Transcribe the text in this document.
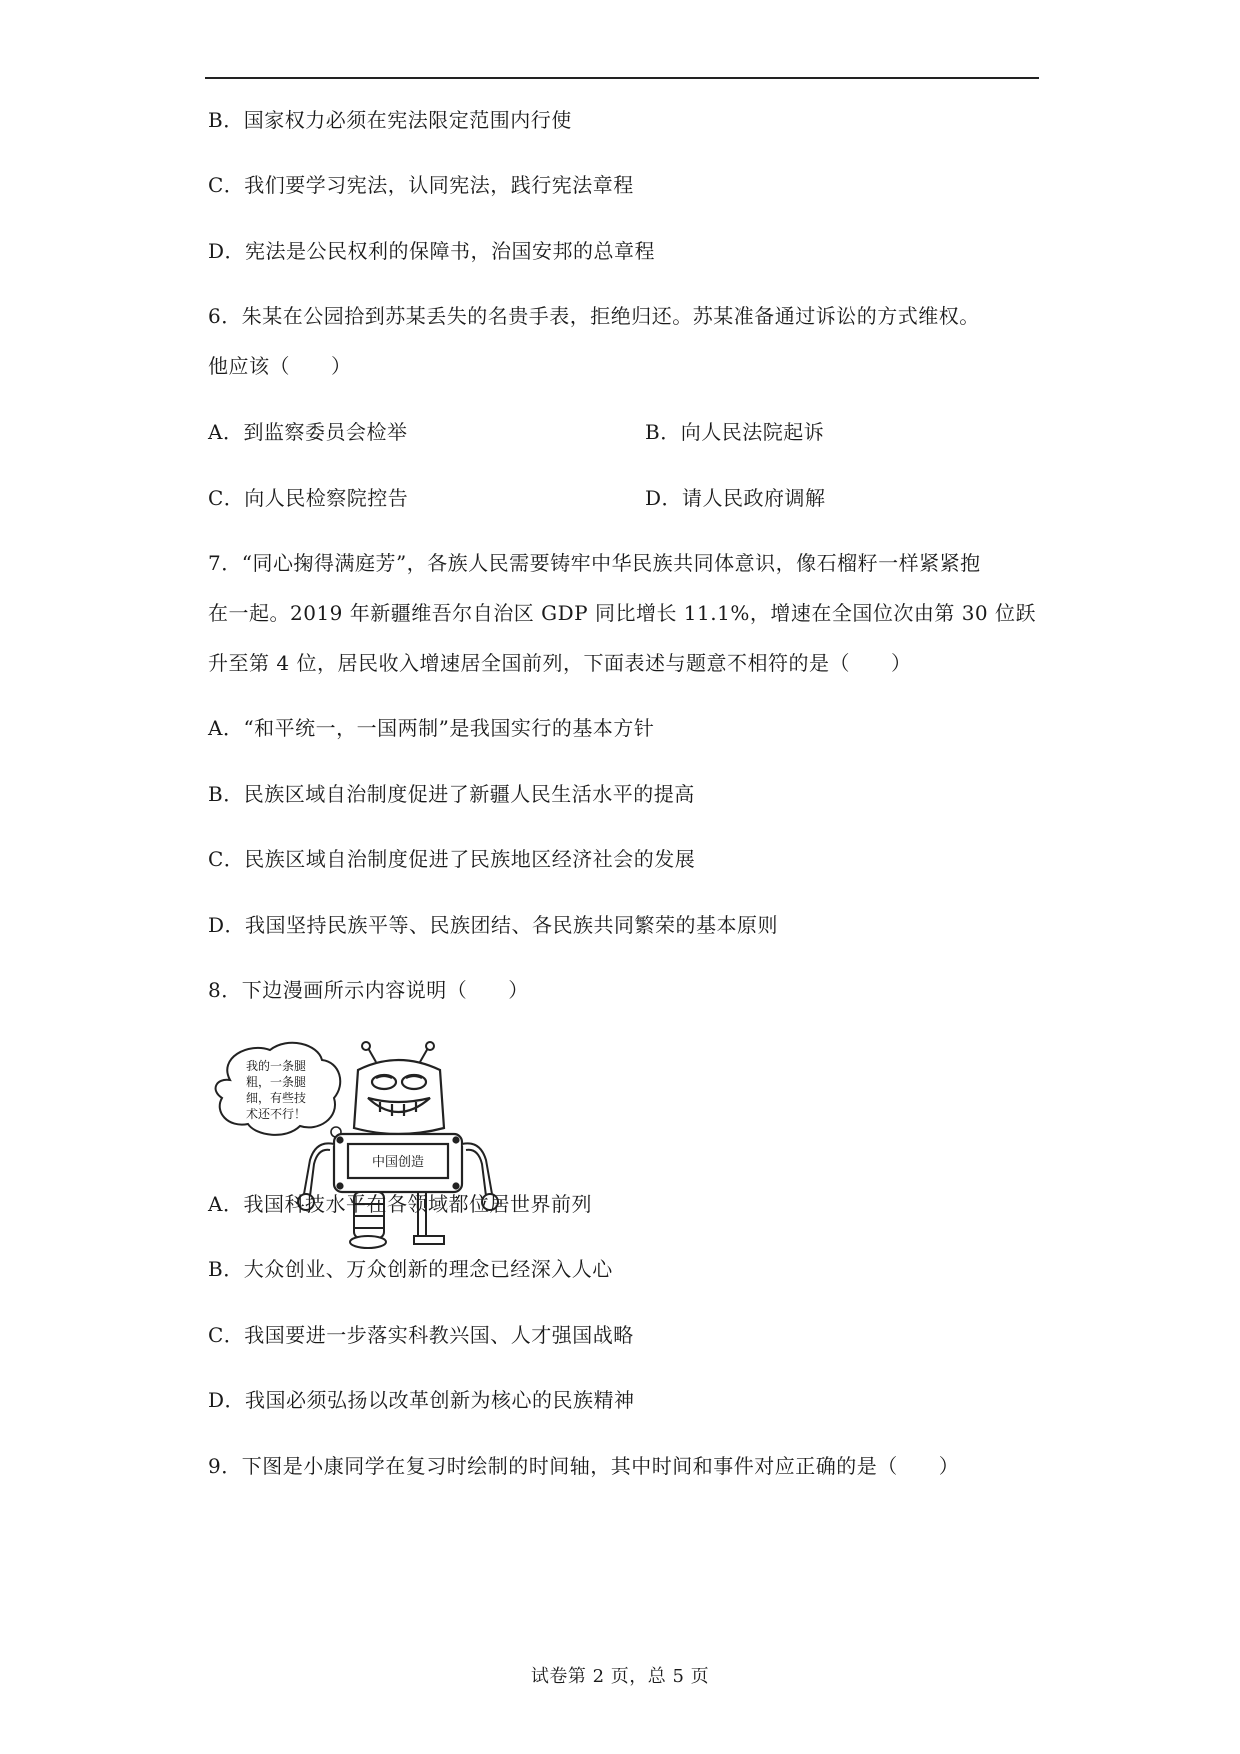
B．国家权力必须在宪法限定范围内行使
C．我们要学习宪法，认同宪法，践行宪法章程
D．宪法是公民权利的保障书，治国安邦的总章程
6．朱某在公园拾到苏某丢失的名贵手表，拒绝归还。苏某准备通过诉讼的方式维权。
他应该（　　）
A．到监察委员会检举	B．向人民法院起诉
C．向人民检察院控告	D．请人民政府调解
7．“同心掬得满庭芳”，各族人民需要铸牢中华民族共同体意识，像石榴籽一样紧紧抱
在一起。2019 年新疆维吾尔自治区 GDP 同比增长 11.1%，增速在全国位次由第 30 位跃
升至第 4 位，居民收入增速居全国前列，下面表述与题意不相符的是（　　）
A．“和平统一，一国两制”是我国实行的基本方针
B．民族区域自治制度促进了新疆人民生活水平的提高
C．民族区域自治制度促进了民族地区经济社会的发展
D．我国坚持民族平等、民族团结、各民族共同繁荣的基本原则
8．下边漫画所示内容说明（　　）
我的一条腿
粗，一条腿
细，有些技
术还不行！
中国创造
A．我国科技水平在各领域都位居世界前列
B．大众创业、万众创新的理念已经深入人心
C．我国要进一步落实科教兴国、人才强国战略
D．我国必须弘扬以改革创新为核心的民族精神
9．下图是小康同学在复习时绘制的时间轴，其中时间和事件对应正确的是（　　）
试卷第 2 页，总 5 页
